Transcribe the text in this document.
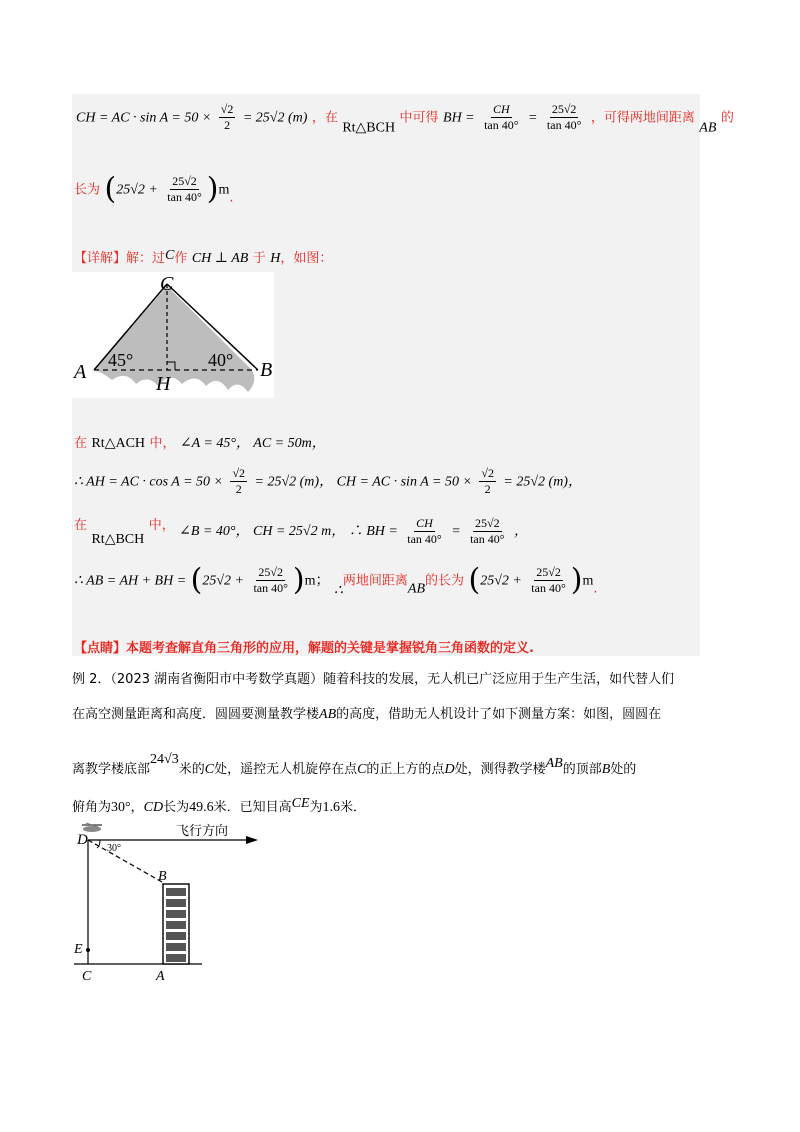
CH = AC · $\sin A = 50 \times \frac{√2}{2} = 25√2$ (m) ，在 Rt△BCH 中可得 BH = $\frac{CH}{\tan 40^\circ} = \frac{25√2}{\tan 40^\circ}$ ，可得两地间距离 AB 的
长为 $(25√2 + \frac{25√2}{\tan 40^\circ} )m$.
【详解】解：过C作 CH ⊥ AB 于 H，如图：
C
A	B
H
45°	40°
在 Rt△ACH 中， ∠A = 45°， AC = 50m，
∴ AH = AC · $\cos A = 50 \times \frac{√2}{2} = 25√2$ (m)， CH = AC · $\sin A = 50 \times \frac{√2}{2} = 25√2$ (m)，
在 Rt△BCH 中， ∠B = 40°， CH = 25√2 m， ∴ BH = $\frac{CH}{\tan 40^\circ} = \frac{25√2}{\tan 40^\circ}$ ，
∴ AB = AH + BH = $(25√2 + \frac{25√2}{\tan 40^\circ} )m$； ∴两地间距离AB的长为 $(25√2 + \frac{25√2}{\tan 40^\circ} )m$.
【点睛】本题考查解直角三角形的应用，解题的关键是掌握锐角三角函数的定义.
例 2．（2023 湖南省衡阳市中考数学真题）随着科技的发展，无人机已广泛应用于生产生活，如代替人们
在高空测量距离和高度．圆圆要测量教学楼AB的高度，借助无人机设计了如下测量方案：如图，圆圆在
离教学楼底部24√3米的C处，遥控无人机旋停在点C的正上方的点D处，测得教学楼AB的顶部B处的
俯角为30°，CD长为49.6米．已知目高CE为1.6米．
D
飞行方向
30°
B
E
C	A
